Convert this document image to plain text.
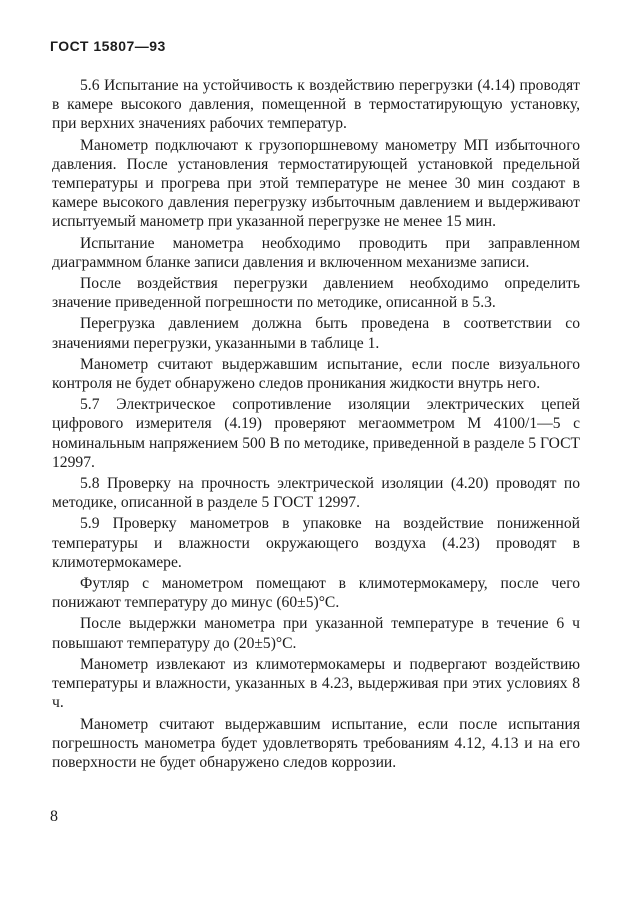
ГОСТ 15807—93

5.6 Испытание на устойчивость к воздействию перегрузки (4.14) проводят в камере высокого давления, помещенной в термостатирующую установку, при верхних значениях рабочих температур.

Манометр подключают к грузопоршневому манометру МП избыточного давления. После установления термостатирующей установкой предельной температуры и прогрева при этой температуре не менее 30 мин создают в камере высокого давления перегрузку избыточным давлением и выдерживают испытуемый манометр при указанной перегрузке не менее 15 мин.

Испытание манометра необходимо проводить при заправленном диаграммном бланке записи давления и включенном механизме записи.

После воздействия перегрузки давлением необходимо определить значение приведенной погрешности по методике, описанной в 5.3.

Перегрузка давлением должна быть проведена в соответствии со значениями перегрузки, указанными в таблице 1.

Манометр считают выдержавшим испытание, если после визуального контроля не будет обнаружено следов проникания жидкости внутрь него.

5.7 Электрическое сопротивление изоляции электрических цепей цифрового измерителя (4.19) проверяют мегаомметром М 4100/1—5 с номинальным напряжением 500 В по методике, приведенной в разделе 5 ГОСТ 12997.

5.8 Проверку на прочность электрической изоляции (4.20) проводят по методике, описанной в разделе 5 ГОСТ 12997.

5.9 Проверку манометров в упаковке на воздействие пониженной температуры и влажности окружающего воздуха (4.23) проводят в климотермокамере.

Футляр с манометром помещают в климотермокамеру, после чего понижают температуру до минус (60±5)°С.

После выдержки манометра при указанной температуре в течение 6 ч повышают температуру до (20±5)°С.

Манометр извлекают из климотермокамеры и подвергают воздействию температуры и влажности, указанных в 4.23, выдерживая при этих условиях 8 ч.

Манометр считают выдержавшим испытание, если после испытания погрешность манометра будет удовлетворять требованиям 4.12, 4.13 и на его поверхности не будет обнаружено следов коррозии.

8
